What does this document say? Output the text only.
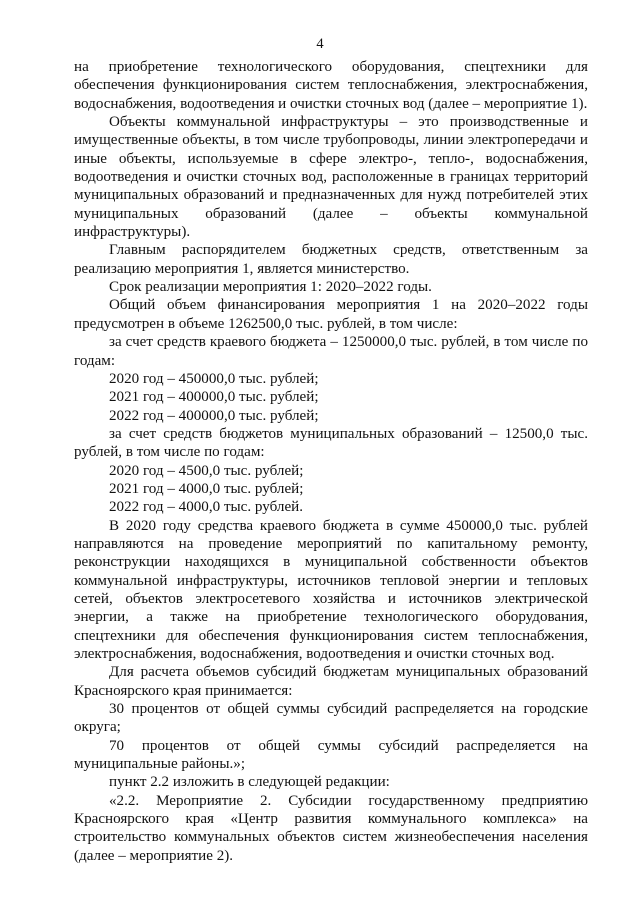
4

на приобретение технологического оборудования, спецтехники для обеспечения функционирования систем теплоснабжения, электроснабжения, водоснабжения, водоотведения и очистки сточных вод (далее – мероприятие 1).

Объекты коммунальной инфраструктуры – это производственные и имущественные объекты, в том числе трубопроводы, линии электропередачи и иные объекты, используемые в сфере электро-, тепло-, водоснабжения, водоотведения и очистки сточных вод, расположенные в границах территорий муниципальных образований и предназначенных для нужд потребителей этих муниципальных образований (далее – объекты коммунальной инфраструктуры).

Главным распорядителем бюджетных средств, ответственным за реализацию мероприятия 1, является министерство.

Срок реализации мероприятия 1: 2020–2022 годы.

Общий объем финансирования мероприятия 1 на 2020–2022 годы предусмотрен в объеме 1262500,0 тыс. рублей, в том числе:

за счет средств краевого бюджета – 1250000,0 тыс. рублей, в том числе по годам:

2020 год – 450000,0 тыс. рублей;

2021 год – 400000,0 тыс. рублей;

2022 год – 400000,0 тыс. рублей;

за счет средств бюджетов муниципальных образований – 12500,0 тыс. рублей, в том числе по годам:

2020 год – 4500,0 тыс. рублей;

2021 год – 4000,0 тыс. рублей;

2022 год – 4000,0 тыс. рублей.

В 2020 году средства краевого бюджета в сумме 450000,0 тыс. рублей направляются на проведение мероприятий по капитальному ремонту, реконструкции находящихся в муниципальной собственности объектов коммунальной инфраструктуры, источников тепловой энергии и тепловых сетей, объектов электросетевого хозяйства и источников электрической энергии, а также на приобретение технологического оборудования, спецтехники для обеспечения функционирования систем теплоснабжения, электроснабжения, водоснабжения, водоотведения и очистки сточных вод.

Для расчета объемов субсидий бюджетам муниципальных образований Красноярского края принимается:

30 процентов от общей суммы субсидий распределяется на городские округа;

70 процентов от общей суммы субсидий распределяется на муниципальные районы.»;

пункт 2.2 изложить в следующей редакции:

«2.2. Мероприятие 2. Субсидии государственному предприятию Красноярского края «Центр развития коммунального комплекса» на строительство коммунальных объектов систем жизнеобеспечения населения (далее – мероприятие 2).
